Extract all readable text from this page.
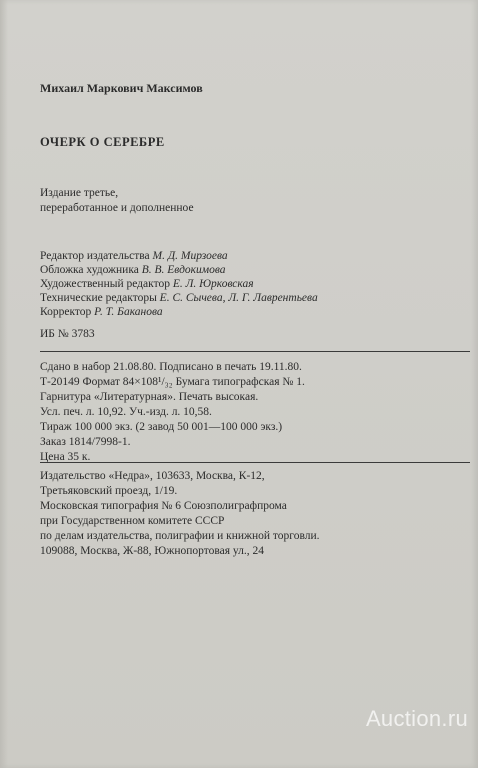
Михаил Маркович Максимов
ОЧЕРК О СЕРЕБРЕ
Издание третье,
переработанное и дополненное
Редактор издательства М. Д. Мирзоева
Обложка художника В. В. Евдокимова
Художественный редактор Е. Л. Юрковская
Технические редакторы Е. С. Сычева, Л. Г. Лаврентьева
Корректор Р. Т. Баканова
ИБ № 3783
Сдано в набор 21.08.80. Подписано в печать 19.11.80.
Т-20149 Формат 84×108¹/₃₂ Бумага типографская № 1.
Гарнитура «Литературная». Печать высокая.
Усл. печ. л. 10,92. Уч.-изд. л. 10,58.
Тираж 100 000 экз. (2 завод 50 001—100 000 экз.)
Заказ 1814/7998-1.
Цена 35 к.
Издательство «Недра», 103633, Москва, К-12,
Третьяковский проезд, 1/19.
Московская типография № 6 Союзполиграфпрома
при Государственном комитете СССР
по делам издательства, полиграфии и книжной торговли.
109088, Москва, Ж-88, Южнопортовая ул., 24
Auction.ru
